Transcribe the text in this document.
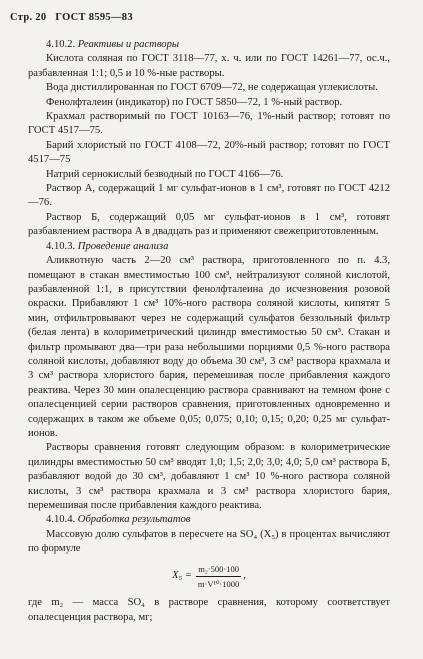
Стр. 20 ГОСТ 8595—83

4.10.2. Реактивы и растворы

Кислота соляная по ГОСТ 3118—77, х. ч. или по ГОСТ 14261—77, ос.ч., разбавленная 1:1; 0,5 и 10 %-ные растворы.

Вода дистиллированная по ГОСТ 6709—72, не содержащая углекислоты.

Фенолфталеин (индикатор) по ГОСТ 5850—72, 1 %-ный раствор.

Крахмал растворимый по ГОСТ 10163—76, 1%-ный раствор; готовят по ГОСТ 4517—75.

Барий хлористый по ГОСТ 4108—72, 20%-ный раствор; готовят по ГОСТ 4517—75

Натрий сернокислый безводный по ГОСТ 4166—76.

Раствор А, содержащий 1 мг сульфат-ионов в 1 см³, готовят по ГОСТ 4212—76.

Раствор Б, содержащий 0,05 мг сульфат-ионов в 1 см³, готовят разбавлением раствора А в двадцать раз и применяют свежеприготовленным.

4.10.3. Проведение анализа

Аликвотную часть 2—20 см³ раствора, приготовленного по п. 4.3, помещают в стакан вместимостью 100 см³, нейтрализуют соляной кислотой, разбавленной 1:1, в присутствии фенолфталеина до исчезновения розовой окраски. Прибавляют 1 см³ 10%-ного раствора соляной кислоты, кипятят 5 мин, отфильтровывают через не содержащий сульфатов беззольный фильтр (белая лента) в колориметрический цилиндр вместимостью 50 см³. Стакан и фильтр промывают два—три раза небольшими порциями 0,5 %-ного раствора соляной кислоты, добавляют воду до объема 30 см³, 3 см³ раствора крахмала и 3 см³ раствора хлористого бария, перемешивая после прибавления каждого реактива. Через 30 мин опалесценцию раствора сравнивают на темном фоне с опалесценцией серии растворов сравнения, приготовленных одновременно и содержащих в таком же объеме 0,05; 0,075; 0,10; 0,15; 0,20; 0,25 мг сульфат-ионов.

Растворы сравнения готовят следующим образом: в колориметрические цилиндры вместимостью 50 см³ вводят 1,0; 1,5; 2,0; 3,0; 4,0; 5,0 см³ раствора Б, разбавляют водой до 30 см³, добавляют 1 см³ 10 %-ного раствора соляной кислоты, 3 см³ раствора крахмала и 3 см³ раствора хлористого бария, перемешивая после прибавления каждого реактива.

4.10.4. Обработка результатов

Массовую долю сульфатов в пересчете на SO₄ (X₅) в процентах вычисляют по формуле

$X_5 = \frac{\text{m₂·500·100}}{\text{m·V¹⁰·1000}}$ ,

где m₂ — масса SO₄ в растворе сравнения, которому соответствует опалесценция раствора, мг;
